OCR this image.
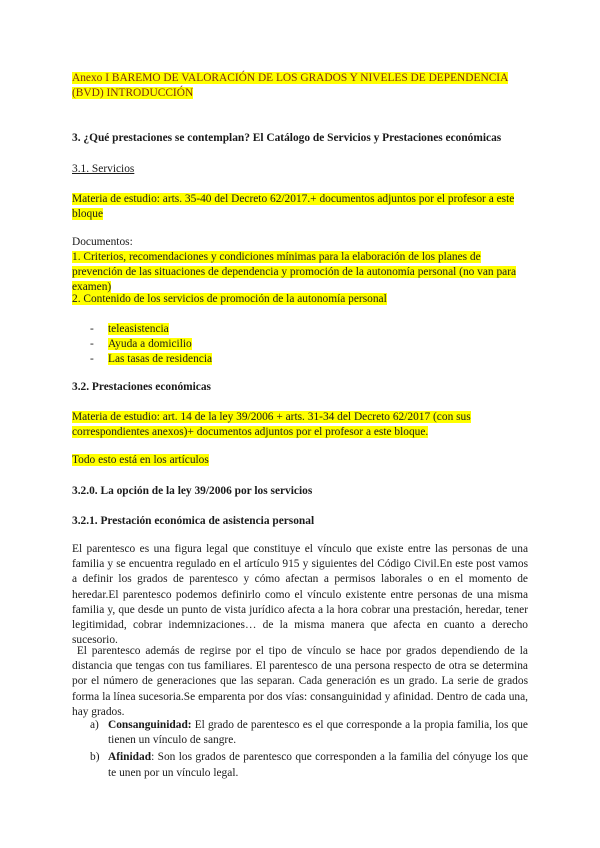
Anexo I BAREMO DE VALORACIÓN DE LOS GRADOS Y NIVELES DE DEPENDENCIA (BVD) INTRODUCCIÓN
3. ¿Qué prestaciones se contemplan? El Catálogo de Servicios y Prestaciones económicas
3.1. Servicios
Materia de estudio: arts. 35-40 del Decreto 62/2017.+ documentos adjuntos por el profesor a este bloque
Documentos:
1. Criterios, recomendaciones y condiciones mínimas para la elaboración de los planes de prevención de las situaciones de dependencia y promoción de la autonomía personal (no van para examen)
2. Contenido de los servicios de promoción de la autonomía personal
- teleasistencia
- Ayuda a domicilio
- Las tasas de residencia
3.2. Prestaciones económicas
Materia de estudio: art. 14 de la ley 39/2006 + arts. 31-34 del Decreto 62/2017 (con sus correspondientes anexos)+ documentos adjuntos por el profesor a este bloque.
Todo esto está en los artículos
3.2.0. La opción de la ley 39/2006 por los servicios
3.2.1. Prestación económica de asistencia personal
El parentesco es una figura legal que constituye el vínculo que existe entre las personas de una familia y se encuentra regulado en el artículo 915 y siguientes del Código Civil.En este post vamos a definir los grados de parentesco y cómo afectan a permisos laborales o en el momento de heredar.El parentesco podemos definirlo como el vínculo existente entre personas de una misma familia y, que desde un punto de vista jurídico afecta a la hora cobrar una prestación, heredar, tener legitimidad, cobrar indemnizaciones… de la misma manera que afecta en cuanto a derecho sucesorio.
El parentesco además de regirse por el tipo de vínculo se hace por grados dependiendo de la distancia que tengas con tus familiares. El parentesco de una persona respecto de otra se determina por el número de generaciones que las separan. Cada generación es un grado. La serie de grados forma la línea sucesoria.Se emparenta por dos vías: consanguinidad y afinidad. Dentro de cada una, hay grados.
a) Consanguinidad: El grado de parentesco es el que corresponde a la propia familia, los que tienen un vínculo de sangre.
b) Afinidad: Son los grados de parentesco que corresponden a la familia del cónyuge los que te unen por un vínculo legal.
